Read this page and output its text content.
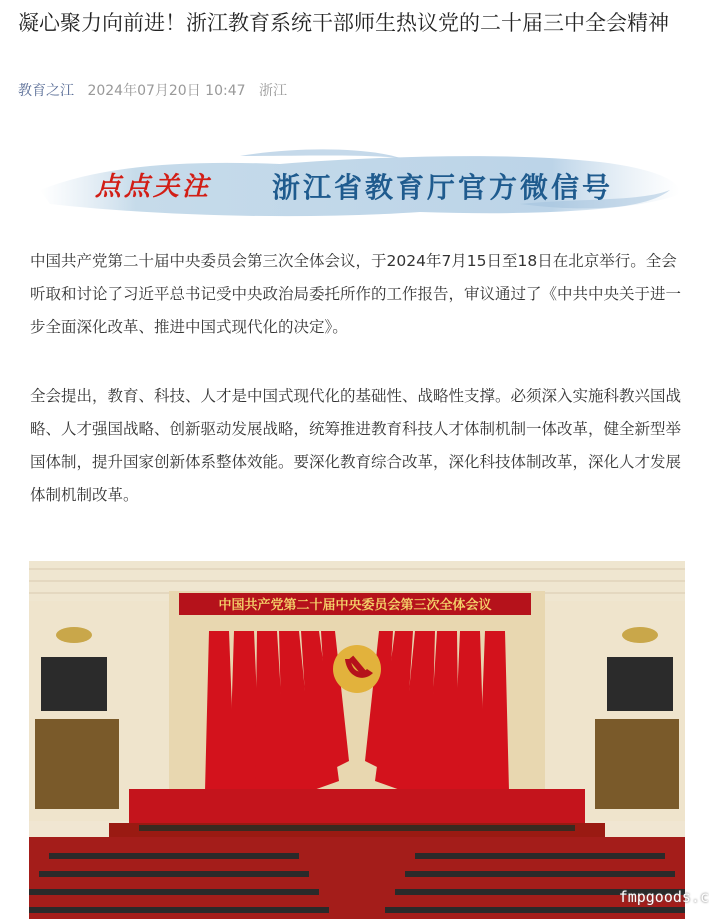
凝心聚力向前进！浙江教育系统干部师生热议党的二十届三中全会精神
教育之江 2024年07月20日 10:47 浙江
点点关注 浙江省教育厅官方微信号

中国共产党第二十届中央委员会第三次全体会议，于2024年7月15日至18日在北京举行。全会听取和讨论了习近平总书记受中央政治局委托所作的工作报告，审议通过了《中共中央关于进一步全面深化改革、推进中国式现代化的决定》。

全会提出，教育、科技、人才是中国式现代化的基础性、战略性支撑。必须深入实施科教兴国战略、人才强国战略、创新驱动发展战略，统筹推进教育科技人才体制机制一体改革，健全新型举国体制，提升国家创新体系整体效能。要深化教育综合改革，深化科技体制改革，深化人才发展体制机制改革。

中国共产党第二十届中央委员会第三次全体会议
fmpgoods.c
